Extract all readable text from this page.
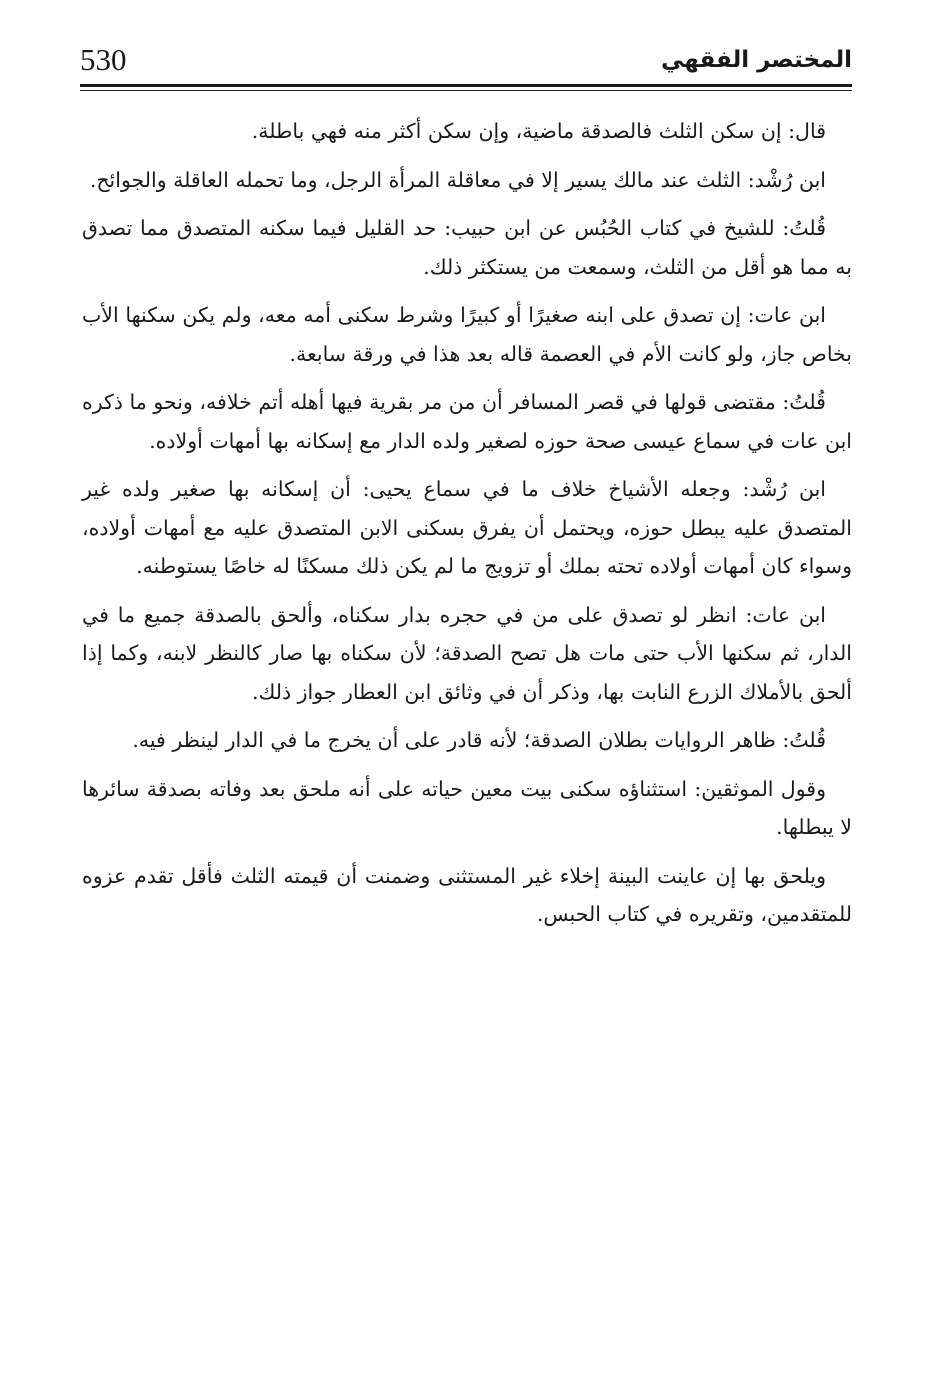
530	المختصر الفقهي

قال: إن سكن الثلث فالصدقة ماضية، وإن سكن أكثر منه فهي باطلة.

ابن رُشْد: الثلث عند مالك يسير إلا في معاقلة المرأة الرجل، وما تحمله العاقلة والجوائح.

قُلتُ: للشيخ في كتاب الحُبُس عن ابن حبيب: حد القليل فيما سكنه المتصدق مما تصدق به مما هو أقل من الثلث، وسمعت من يستكثر ذلك.

ابن عات: إن تصدق على ابنه صغيرًا أو كبيرًا وشرط سكنى أمه معه، ولم يكن سكنها الأب بخاص جاز، ولو كانت الأم في العصمة قاله بعد هذا في ورقة سابعة.

قُلتُ: مقتضى قولها في قصر المسافر أن من مر بقرية فيها أهله أتم خلافه، ونحو ما ذكره ابن عات في سماع عيسى صحة حوزه لصغير ولده الدار مع إسكانه بها أمهات أولاده.

ابن رُشْد: وجعله الأشياخ خلاف ما في سماع يحيى: أن إسكانه بها صغير ولده غير المتصدق عليه يبطل حوزه، ويحتمل أن يفرق بسكنى الابن المتصدق عليه مع أمهات أولاده، وسواء كان أمهات أولاده تحته بملك أو تزويج ما لم يكن ذلك مسكنًا له خاصًا يستوطنه.

ابن عات: انظر لو تصدق على من في حجره بدار سكناه، وألحق بالصدقة جميع ما في الدار، ثم سكنها الأب حتى مات هل تصح الصدقة؛ لأن سكناه بها صار كالنظر لابنه، وكما إذا ألحق بالأملاك الزرع النابت بها، وذكر أن في وثائق ابن العطار جواز ذلك.

قُلتُ: ظاهر الروايات بطلان الصدقة؛ لأنه قادر على أن يخرج ما في الدار لينظر فيه.

وقول الموثقين: استثناؤه سكنى بيت معين حياته على أنه ملحق بعد وفاته بصدقة سائرها لا يبطلها.

ويلحق بها إن عاينت البينة إخلاء غير المستثنى وضمنت أن قيمته الثلث فأقل تقدم عزوه للمتقدمين، وتقريره في كتاب الحبس.
